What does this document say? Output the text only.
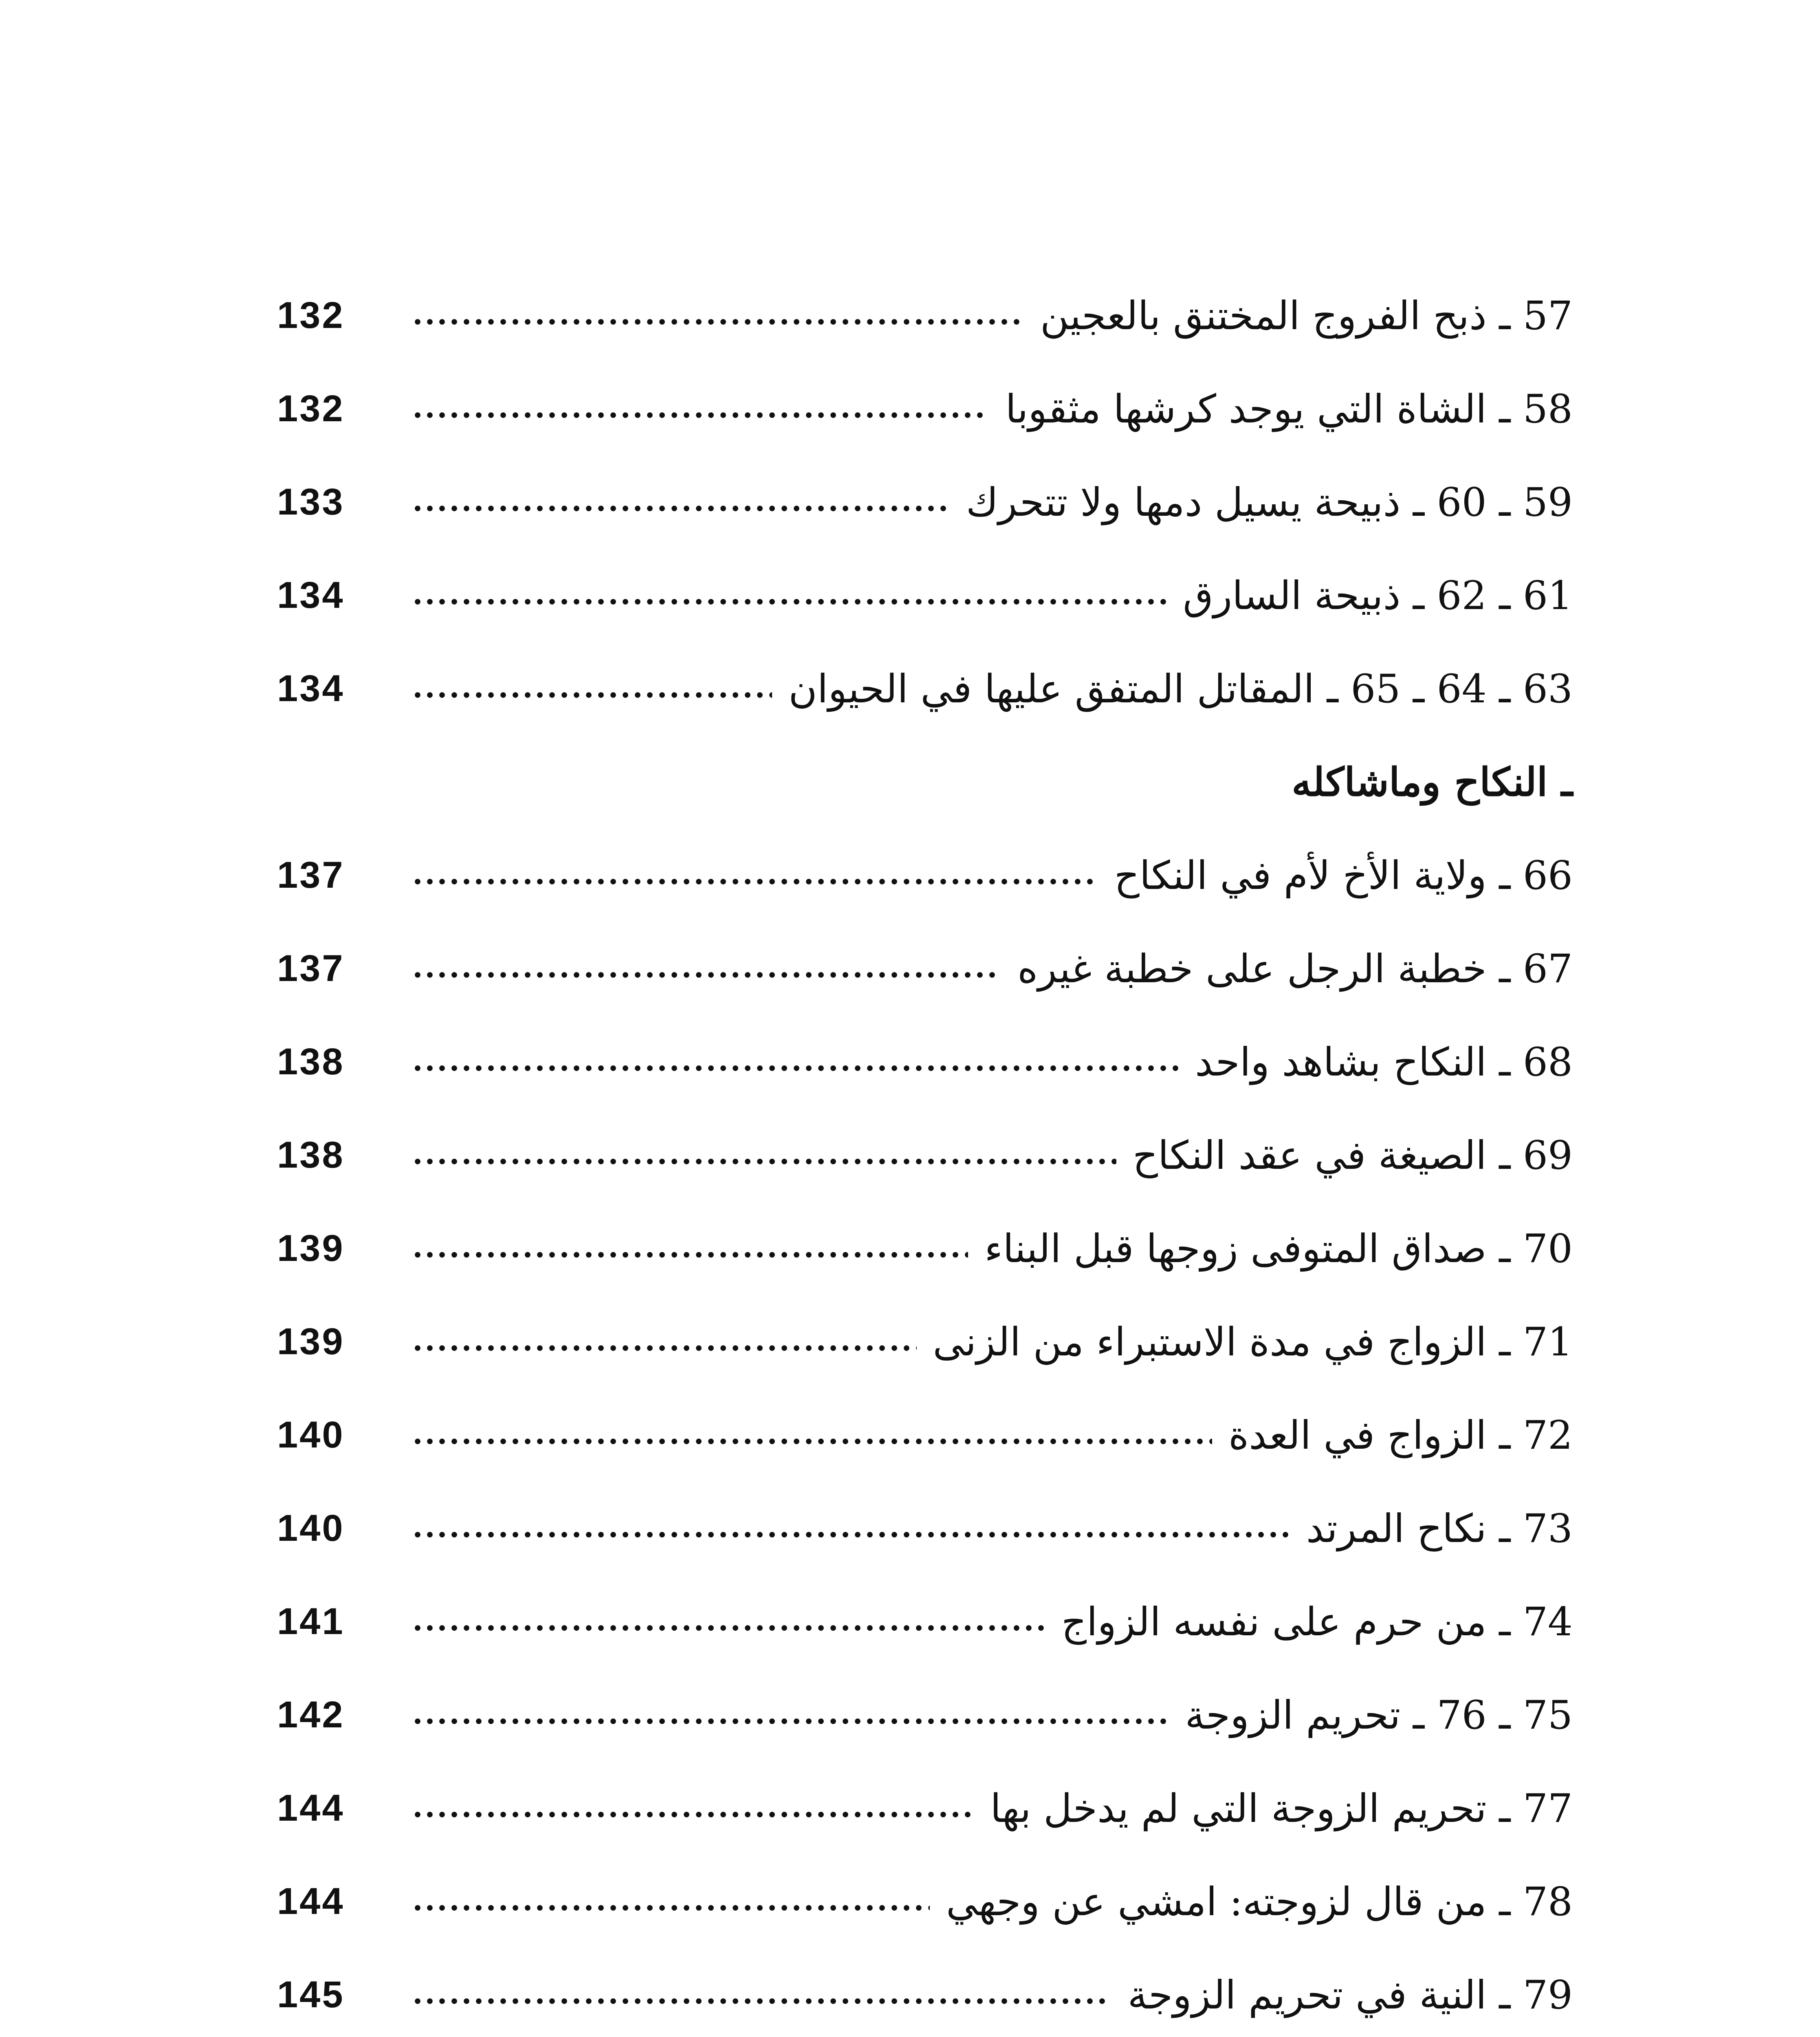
132	57 ـ ذبح الفروج المختنق بالعجين
132	58 ـ الشاة التي يوجد كرشها مثقوبا
133	59 ـ 60 ـ ذبيحة يسيل دمها ولا تتحرك
134	61 ـ 62 ـ ذبيحة السارق
134	63 ـ 64 ـ 65 ـ المقاتل المتفق عليها في الحيوان
ـ النكاح وماشاكله
137	66 ـ ولاية الأخ لأم في النكاح
137	67 ـ خطبة الرجل على خطبة غيره
138	68 ـ النكاح بشاهد واحد
138	69 ـ الصيغة في عقد النكاح
139	70 ـ صداق المتوفى زوجها قبل البناء
139	71 ـ الزواج في مدة الاستبراء من الزنى
140	72 ـ الزواج في العدة
140	73 ـ نكاح المرتد
141	74 ـ من حرم على نفسه الزواج
142	75 ـ 76 ـ تحريم الزوجة
144	77 ـ تحريم الزوجة التي لم يدخل بها
144	78 ـ من قال لزوجته: امشي عن وجهي
145	79 ـ النية في تحريم الزوجة
